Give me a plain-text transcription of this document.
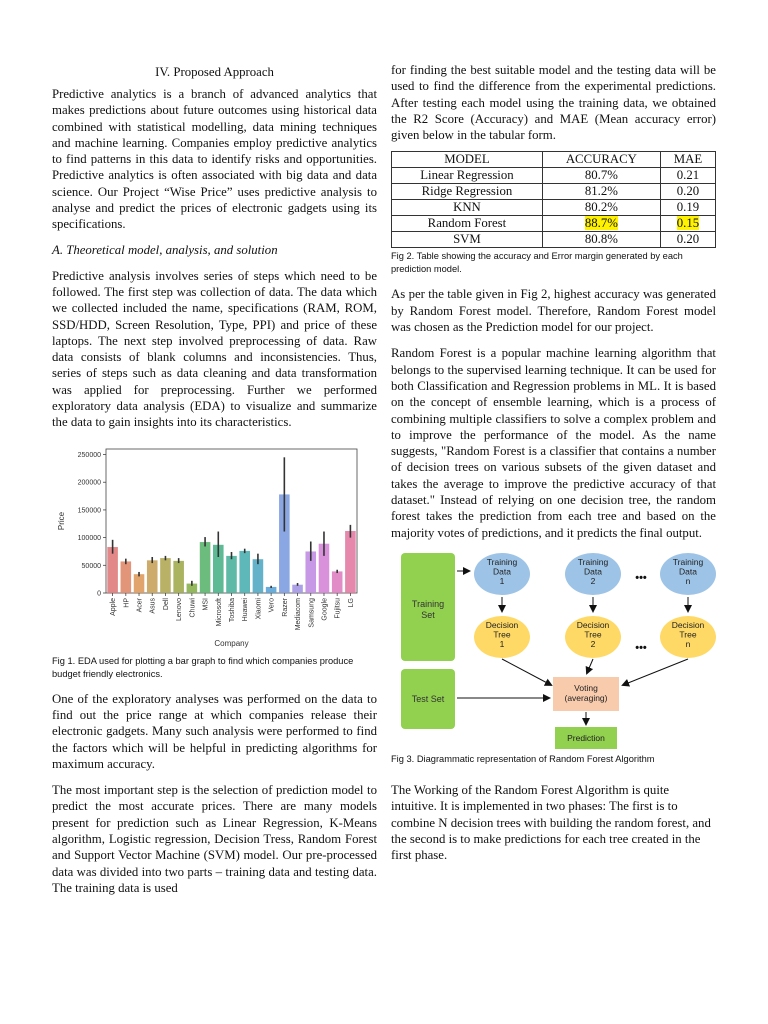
IV. Proposed Approach

Predictive analytics is a branch of advanced analytics that makes predictions about future outcomes using historical data combined with statistical modelling, data mining techniques and machine learning. Companies employ predictive analytics to find patterns in this data to identify risks and opportunities. Predictive analytics is often associated with big data and data science. Our Project “Wise Price” uses predictive analysis to analyse and predict the prices of electronic gadgets using its specifications.

A. Theoretical model, analysis, and solution

Predictive analysis involves series of steps which need to be followed. The first step was collection of data. The data which we collected included the name, specifications (RAM, ROM, SSD/HDD, Screen Resolution, Type, PPI) and price of these laptops. The next step involved preprocessing of data. Raw data consists of blank columns and inconsistencies. Thus, series of steps such as data cleaning and data transformation was applied for preprocessing. Further we performed exploratory data analysis (EDA) to visualize and summarize the data to gain insights into its characteristics.

0
50000
100000
150000
200000
250000
Apple HP Acer Asus Dell Lenovo Chuwi MSI Microsoft Toshiba Huawei Xiaomi Vero Razer Mediacom Samsung Google Fujitsu LG
Price
Company
Fig 1. EDA used for plotting a bar graph to find which companies produce budget friendly electronics.

One of the exploratory analyses was performed on the data to find out the price range at which companies release their electronic gadgets. Many such analysis were performed to find the factors which will be helpful in predicting algorithms for maximum accuracy.

The most important step is the selection of prediction model to predict the most accurate prices. There are many models present for prediction such as Linear Regression, K-Means algorithm, Logistic regression, Decision Tress, Random Forest and Support Vector Machine (SVM) model. Our pre-processed data was divided into two parts – training data and testing data. The training data is used

for finding the best suitable model and the testing data will be used to find the difference from the experimental predictions. After testing each model using the training data, we obtained the R2 Score (Accuracy) and MAE (Mean accuracy error) given below in the tabular form.

MODEL	ACCURACY	MAE
Linear Regression	80.7%	0.21
Ridge Regression	81.2%	0.20
KNN	80.2%	0.19
Random Forest	88.7%	0.15
SVM	80.8%	0.20
Fig 2. Table showing the accuracy and Error margin generated by each prediction model.

As per the table given in Fig 2, highest accuracy was generated by Random Forest model. Therefore, Random Forest model was chosen as the Prediction model for our project.

Random Forest is a popular machine learning algorithm that belongs to the supervised learning technique. It can be used for both Classification and Regression problems in ML. It is based on the concept of ensemble learning, which is a process of combining multiple classifiers to solve a complex problem and to improve the performance of the model. As the name suggests, "Random Forest is a classifier that contains a number of decision trees on various subsets of the given dataset and takes the average to improve the predictive accuracy of that dataset." Instead of relying on one decision tree, the random forest takes the prediction from each tree and based on the majority votes of predictions, and it predicts the final output.

Training Set
Test Set
Training Data 1
Training Data 2
Training Data n
•••
Decision Tree 1
Decision Tree 2
Decision Tree n
•••
Voting (averaging)
Prediction
Fig 3. Diagrammatic representation of Random Forest Algorithm

The Working of the Random Forest Algorithm is quite intuitive. It is implemented in two phases: The first is to combine N decision trees with building the random forest, and the second is to make predictions for each tree created in the first phase.
